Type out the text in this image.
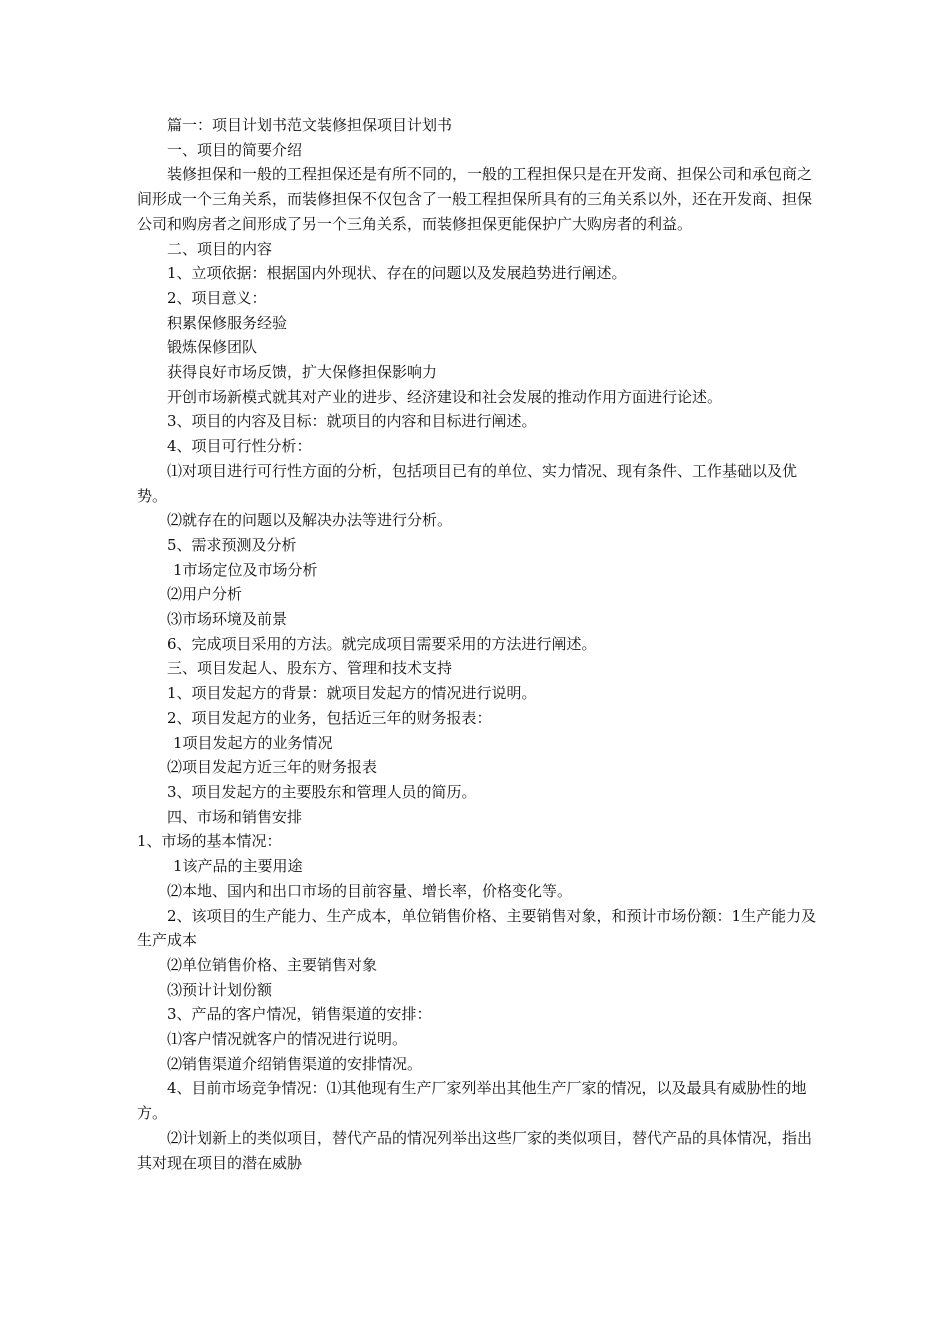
篇一：项目计划书范文装修担保项目计划书

一、项目的简要介绍

装修担保和一般的工程担保还是有所不同的，一般的工程担保只是在开发商、担保公司和承包商之间形成一个三角关系，而装修担保不仅包含了一般工程担保所具有的三角关系以外，还在开发商、担保公司和购房者之间形成了另一个三角关系，而装修担保更能保护广大购房者的利益。

二、项目的内容

1、立项依据：根据国内外现状、存在的问题以及发展趋势进行阐述。

2、项目意义：

积累保修服务经验

锻炼保修团队

获得良好市场反馈，扩大保修担保影响力

开创市场新模式就其对产业的进步、经济建设和社会发展的推动作用方面进行论述。

3、项目的内容及目标：就项目的内容和目标进行阐述。

4、项目可行性分析：

⑴对项目进行可行性方面的分析，包括项目已有的单位、实力情况、现有条件、工作基础以及优势。

⑵就存在的问题以及解决办法等进行分析。

5、需求预测及分析

1市场定位及市场分析

⑵用户分析

⑶市场环境及前景

6、完成项目采用的方法。就完成项目需要采用的方法进行阐述。

三、项目发起人、股东方、管理和技术支持

1、项目发起方的背景：就项目发起方的情况进行说明。

2、项目发起方的业务，包括近三年的财务报表：

1项目发起方的业务情况

⑵项目发起方近三年的财务报表

3、项目发起方的主要股东和管理人员的简历。

四、市场和销售安排

1、市场的基本情况：

1该产品的主要用途

⑵本地、国内和出口市场的目前容量、增长率，价格变化等。

2、该项目的生产能力、生产成本，单位销售价格、主要销售对象，和预计市场份额：1生产能力及生产成本

⑵单位销售价格、主要销售对象

⑶预计计划份额

3、产品的客户情况，销售渠道的安排：

⑴客户情况就客户的情况进行说明。

⑵销售渠道介绍销售渠道的安排情况。

4、目前市场竞争情况：⑴其他现有生产厂家列举出其他生产厂家的情况，以及最具有威胁性的地方。

⑵计划新上的类似项目，替代产品的情况列举出这些厂家的类似项目，替代产品的具体情况，指出其对现在项目的潜在威胁
